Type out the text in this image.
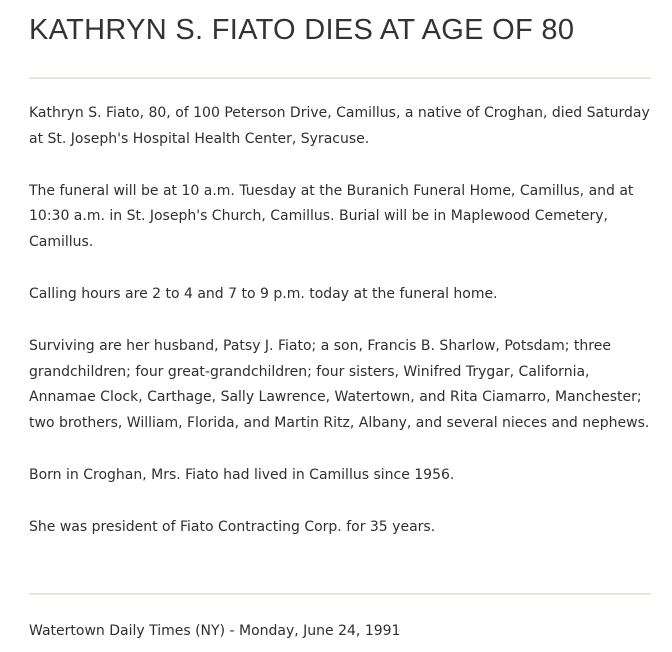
KATHRYN S. FIATO DIES AT AGE OF 80

Kathryn S. Fiato, 80, of 100 Peterson Drive, Camillus, a native of Croghan, died Saturday at St. Joseph's Hospital Health Center, Syracuse.

The funeral will be at 10 a.m. Tuesday at the Buranich Funeral Home, Camillus, and at 10:30 a.m. in St. Joseph's Church, Camillus. Burial will be in Maplewood Cemetery, Camillus.

Calling hours are 2 to 4 and 7 to 9 p.m. today at the funeral home.

Surviving are her husband, Patsy J. Fiato; a son, Francis B. Sharlow, Potsdam; three grandchildren; four great-grandchildren; four sisters, Winifred Trygar, California, Annamae Clock, Carthage, Sally Lawrence, Watertown, and Rita Ciamarro, Manchester; two brothers, William, Florida, and Martin Ritz, Albany, and several nieces and nephews.

Born in Croghan, Mrs. Fiato had lived in Camillus since 1956.

She was president of Fiato Contracting Corp. for 35 years.

Watertown Daily Times (NY) - Monday, June 24, 1991
